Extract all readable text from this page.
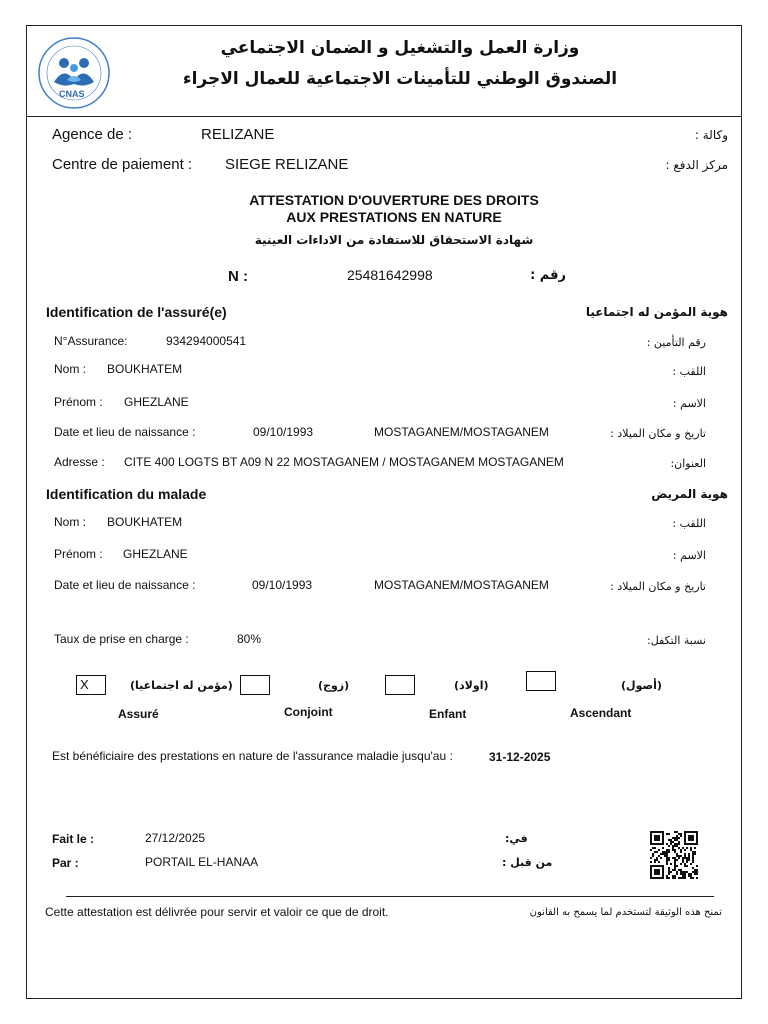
CNAS
وزارة العمل والتشغيل و الضمان الاجتماعي
الصندوق الوطني للتأمينات الاجتماعية للعمال الاجراء
Agence de :	RELIZANE	وكالة :
Centre de paiement : SIEGE RELIZANE	مركز الدفع :
ATTESTATION D'OUVERTURE DES DROITS
AUX PRESTATIONS EN NATURE
شهادة الاستحقاق للاستفادة من الاداءات العينية
N :	25481642998	رقم :
Identification de l'assuré(e)	هوية المؤمن له اجتماعيا
N°Assurance:	934294000541	رقم التأمين :
Nom : BOUKHATEM	اللقب :
Prénom : GHEZLANE	الاسم :
Date et lieu de naissance :	09/10/1993	MOSTAGANEM/MOSTAGANEM	تاريخ و مكان الميلاد :
Adresse : CITE 400 LOGTS BT A09 N 22 MOSTAGANEM / MOSTAGANEM MOSTAGANEM	العنوان:
Identification du malade	هوية المريض
Nom : BOUKHATEM	اللقب :
Prénom : GHEZLANE	الاسم :
Date et lieu de naissance :	09/10/1993	MOSTAGANEM/MOSTAGANEM	تاريخ و مكان الميلاد :
Taux de prise en charge :	80%	نسبة التكفل:
X	(مؤمن له اجتماعيا)
Assuré
(زوج)
Conjoint
(اولاد)
Enfant
(أصول)
Ascendant
Est bénéficiaire des prestations en nature de l'assurance maladie jusqu'au :	31-12-2025
Fait le :	27/12/2025	في:
Par :	PORTAIL EL-HANAA	من قبل :
Cette attestation est délivrée pour servir et valoir ce que de droit.	تمنح هذه الوثيقة لتستخدم لما يسمح به القانون
